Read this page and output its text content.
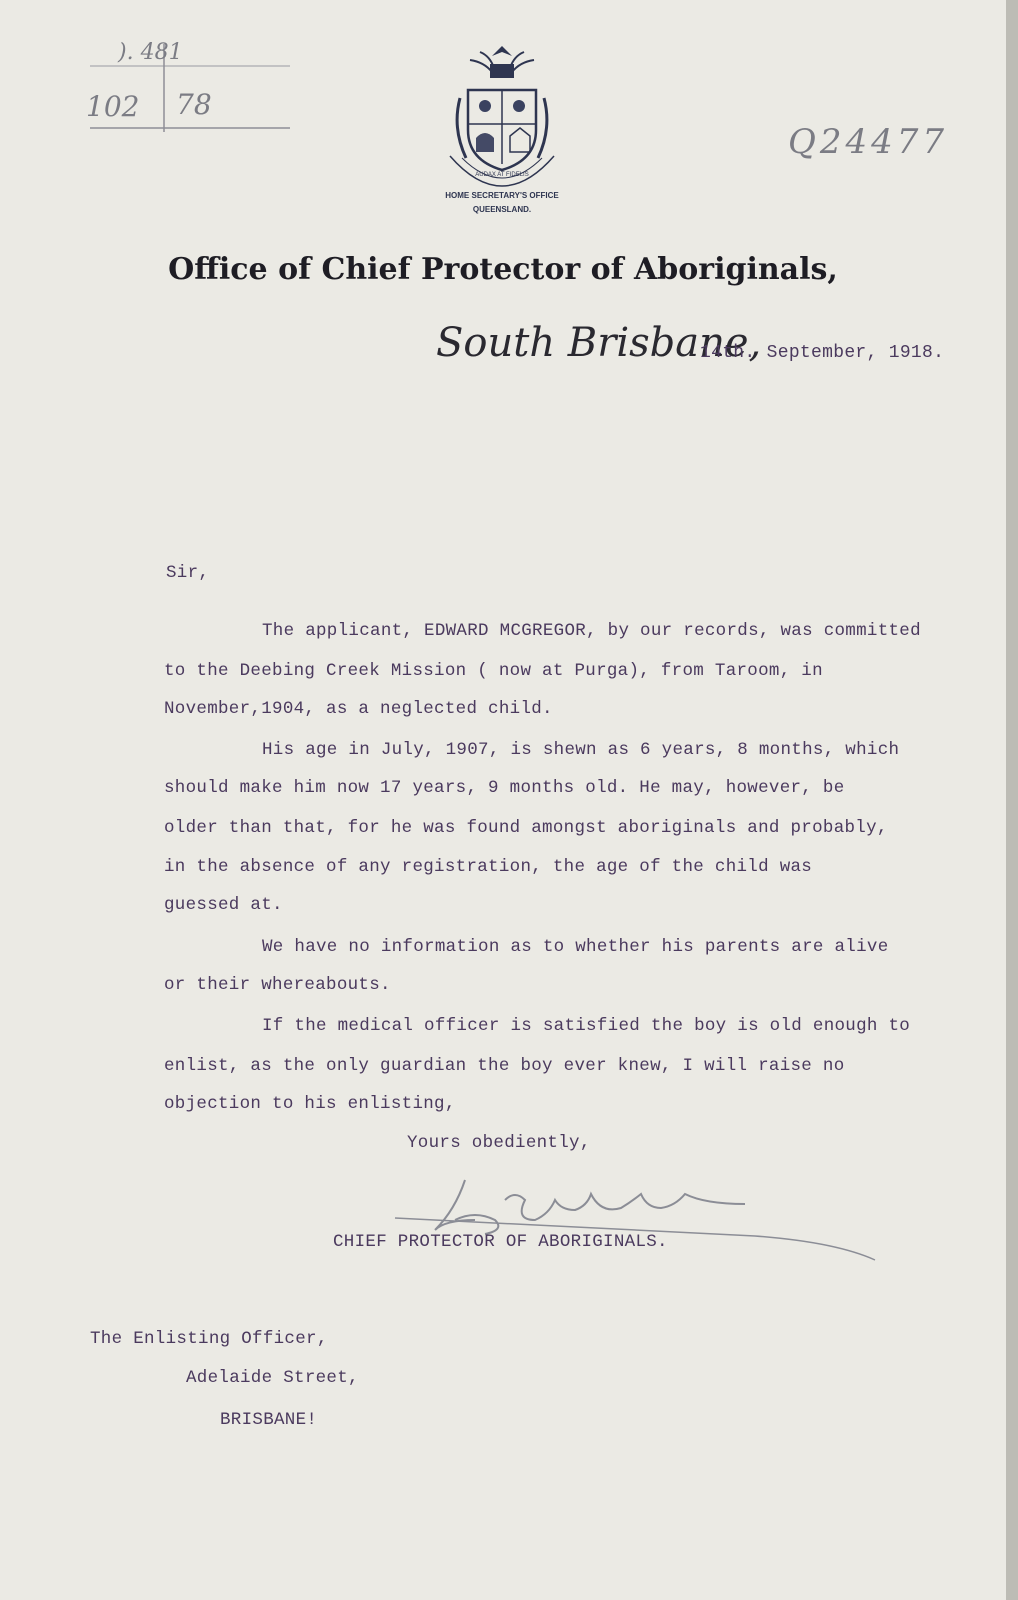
). 481
102 78
Q24477
AUDAX AT FIDELIS
HOME SECRETARY'S OFFICE
QUEENSLAND.
Office of Chief Protector of Aboriginals,
South Brisbane,
14th. September, 1918.
Sir,
The applicant, EDWARD MCGREGOR, by our records, was committed
to the Deebing Creek Mission ( now at Purga), from Taroom, in
November,1904, as a neglected child.
His age in July, 1907, is shewn as 6 years, 8 months, which
should make him now 17 years, 9 months old. He may, however, be
older than that, for he was found amongst aboriginals and probably,
in the absence of any registration, the age of the child was
guessed at.
We have no information as to whether his parents are alive
or their whereabouts.
If the medical officer is satisfied the boy is old enough to
enlist, as the only guardian the boy ever knew, I will raise no
objection to his enlisting,
Yours obediently,
CHIEF PROTECTOR OF ABORIGINALS.
The Enlisting Officer,
Adelaide Street,
BRISBANE!
